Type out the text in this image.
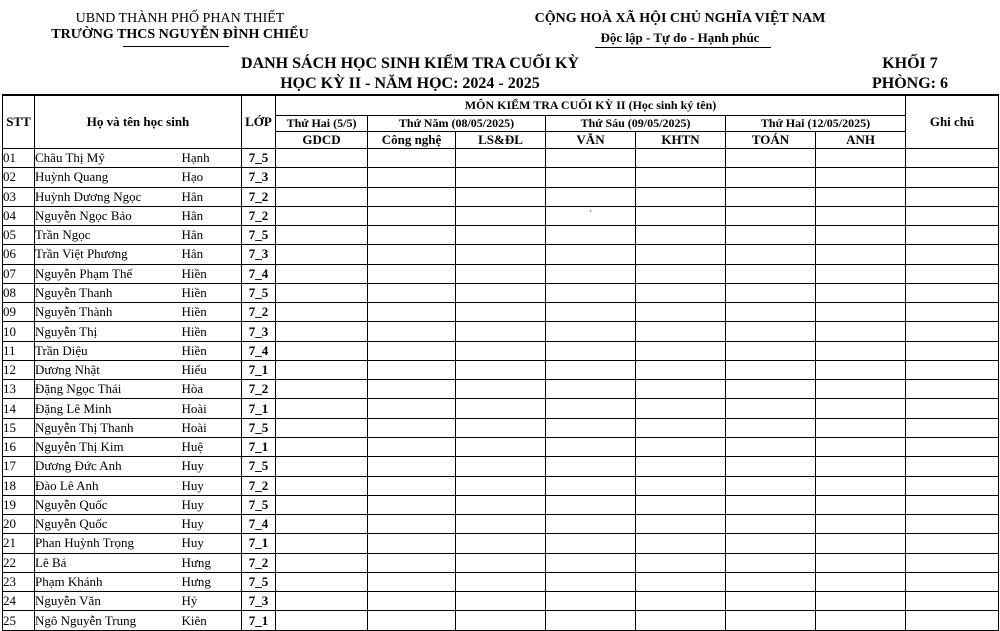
UBND THÀNH PHỐ PHAN THIẾT
TRƯỜNG THCS NGUYỄN ĐÌNH CHIỂU
CỘNG HOÀ XÃ HỘI CHỦ NGHĨA VIỆT NAM
Độc lập - Tự do - Hạnh phúc
DANH SÁCH HỌC SINH KIỂM TRA CUỐI KỲ
HỌC KỲ II - NĂM HỌC: 2024 - 2025
KHỐI 7
PHÒNG: 6
STT	Họ và tên học sinh		LỚP	MÔN KIỂM TRA CUỐI KỲ II (Học sinh ký tên)							Ghi chú
				Thứ Hai (5/5)	Thứ Năm (08/05/2025)		Thứ Sáu (09/05/2025)		Thứ Hai (12/05/2025)		
				GDCD	Công nghệ	LS&ĐL	VĂN	KHTN	TOÁN	ANH	
01	Châu Thị Mỹ	Hạnh	7_5								
02	Huỳnh Quang	Hạo	7_3								
03	Huỳnh Dương Ngọc	Hân	7_2								
04	Nguyễn Ngọc Bảo	Hân	7_2				`				

05	Trần Ngọc	Hân	7_5								
06	Trần Việt Phương	Hân	7_3								
07	Nguyễn Phạm Thế	Hiền	7_4								
08	Nguyễn Thanh	Hiền	7_5								
09	Nguyễn Thành	Hiền	7_2								
10	Nguyễn Thị	Hiền	7_3								
11	Trần Diệu	Hiền	7_4								
12	Dương Nhật	Hiếu	7_1								
13	Đặng Ngọc Thái	Hòa	7_2								
14	Đặng Lê Minh	Hoài	7_1								
15	Nguyễn Thị Thanh	Hoài	7_5								
16	Nguyễn Thị Kim	Huệ	7_1								
17	Dương Đức Anh	Huy	7_5								
18	Đào Lê Anh	Huy	7_2								
19	Nguyễn Quốc	Huy	7_5								
20	Nguyễn Quốc	Huy	7_4								
21	Phan Huỳnh Trọng	Huy	7_1								
22	Lê Bá	Hưng	7_2								
23	Phạm Khánh	Hưng	7_5								
24	Nguyễn Văn	Hỷ	7_3								
25	Ngô Nguyễn Trung	Kiên	7_1								
